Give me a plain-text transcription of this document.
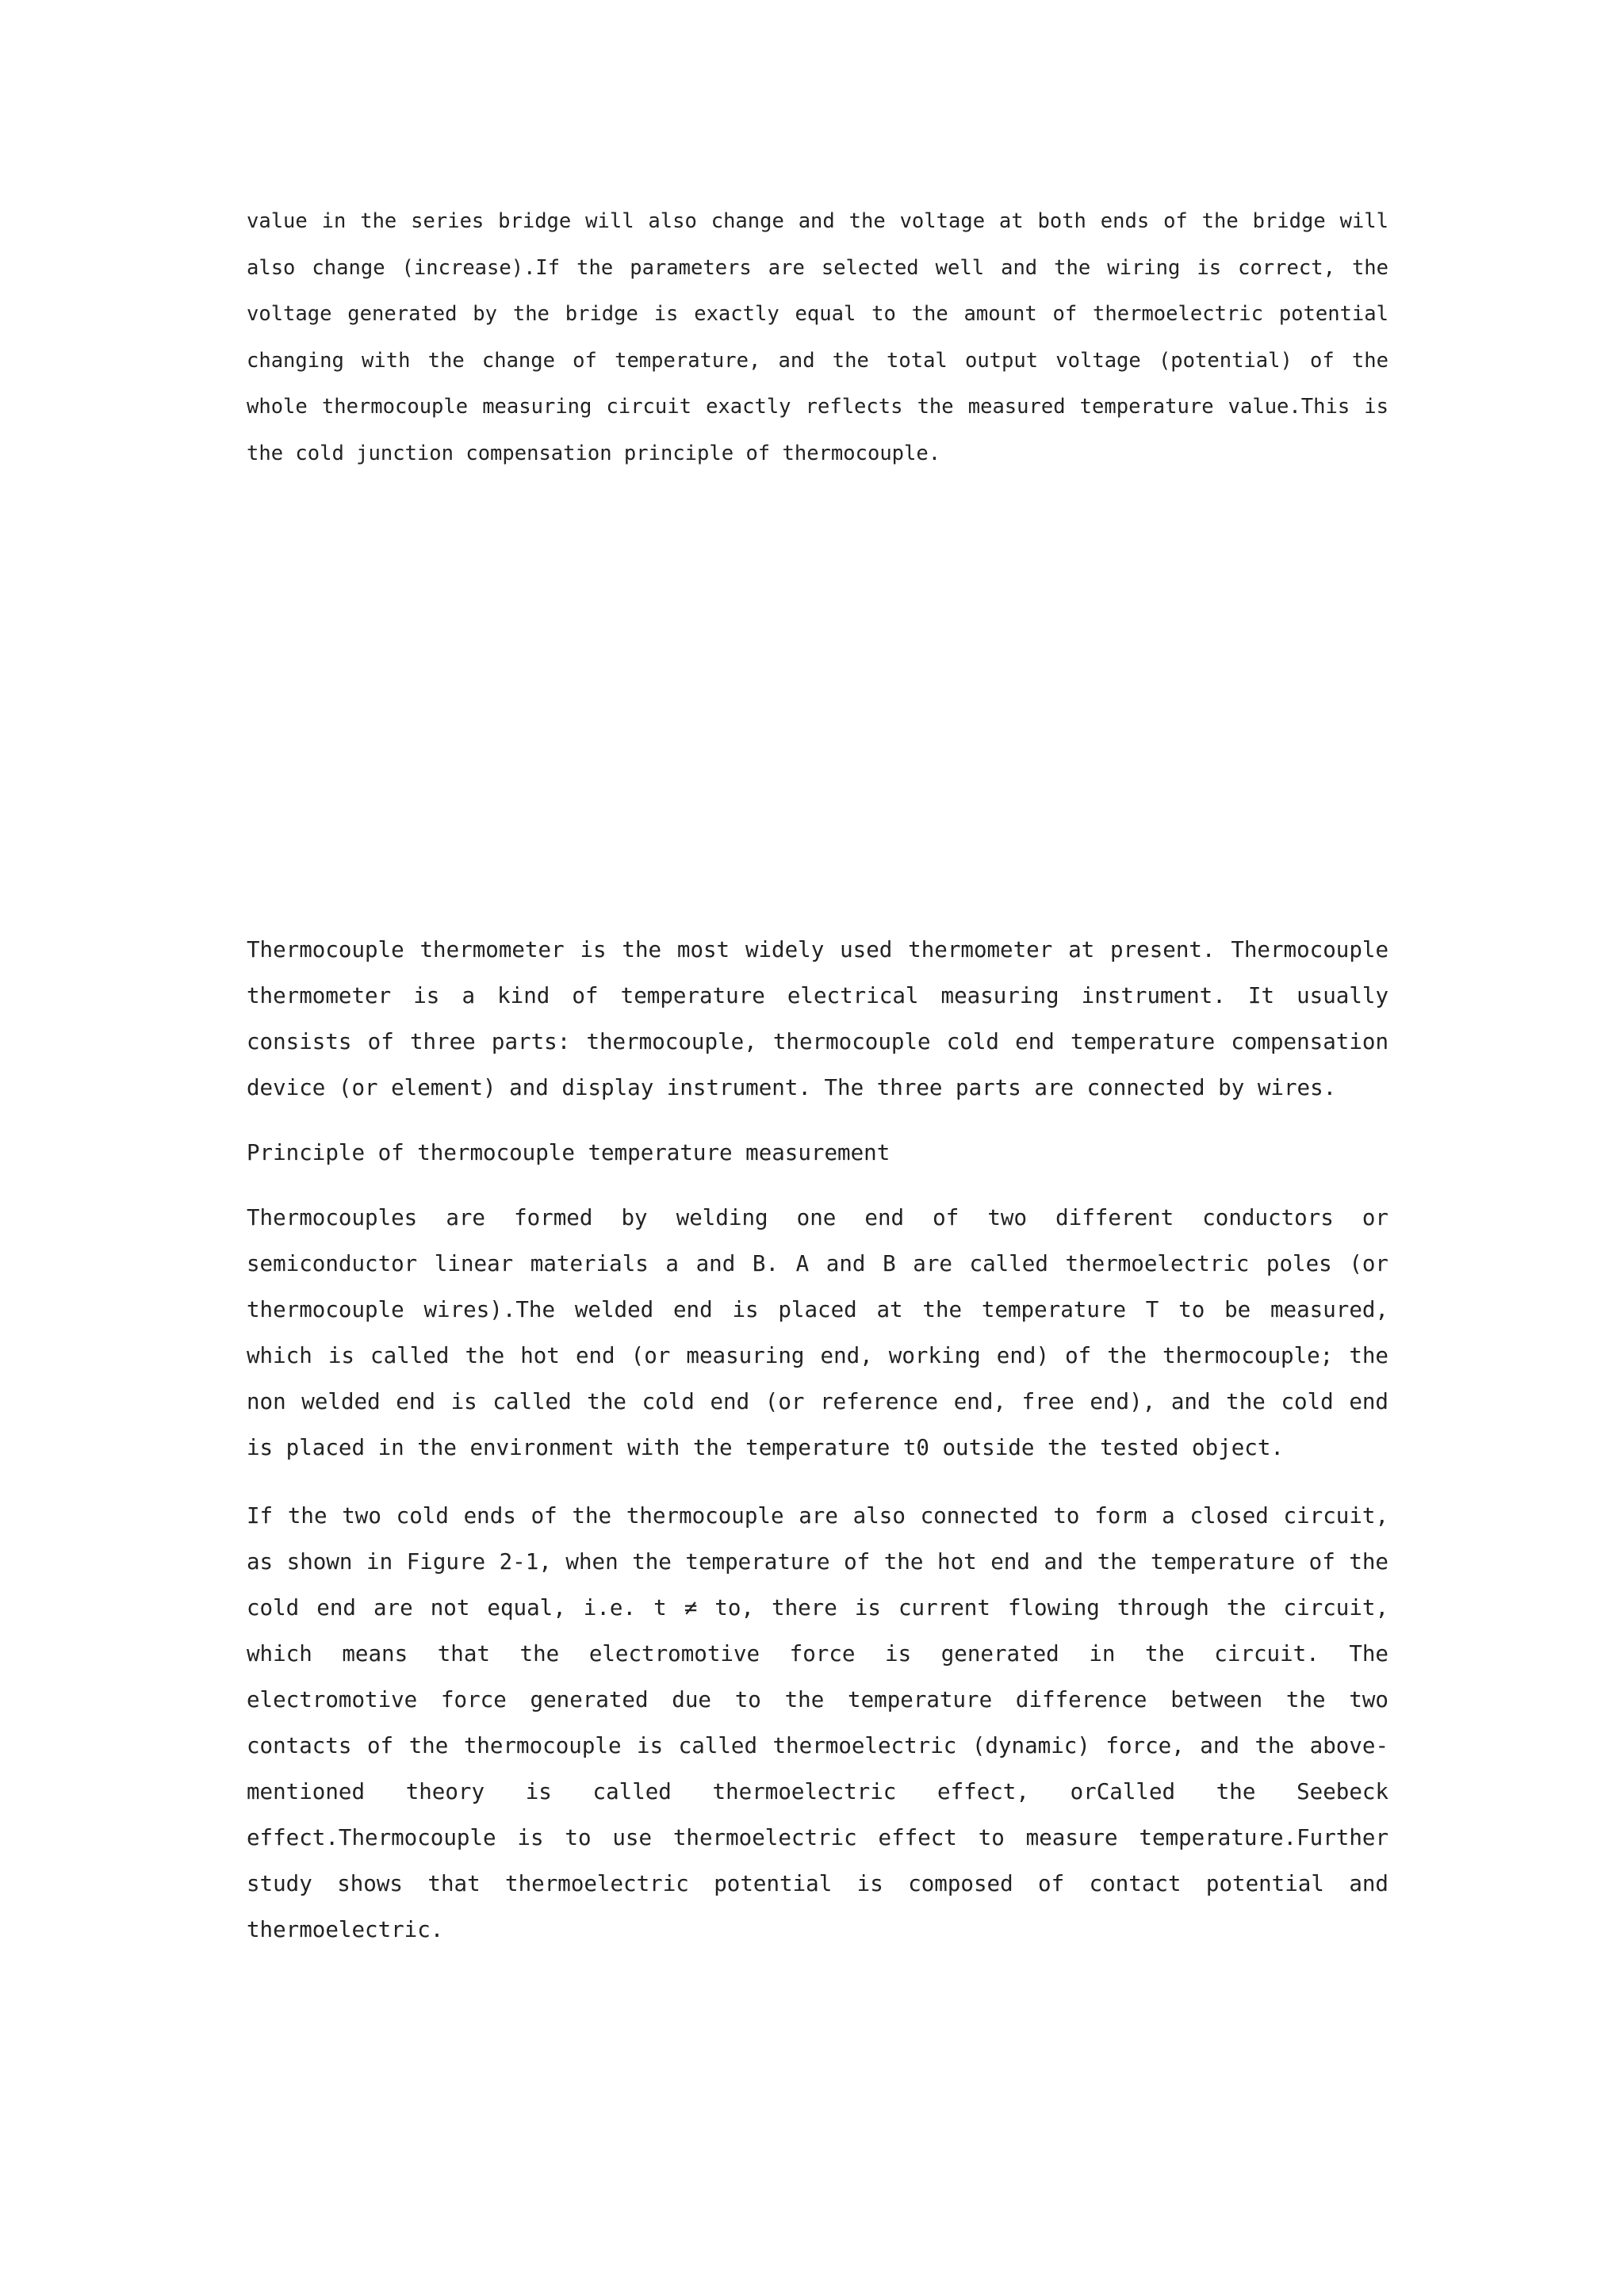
value in the series bridge will also change and the voltage at both ends of the bridge will also change (increase).If the parameters are selected well and the wiring is correct, the voltage generated by the bridge is exactly equal to the amount of thermoelectric potential changing with the change of temperature, and the total output voltage (potential) of the whole thermocouple measuring circuit exactly reflects the measured temperature value.This is the cold junction compensation principle of thermocouple.

Thermocouple thermometer is the most widely used thermometer at present. Thermocouple thermometer is a kind of temperature electrical measuring instrument. It usually consists of three parts: thermocouple, thermocouple cold end temperature compensation device (or element) and display instrument. The three parts are connected by wires.

Principle of thermocouple temperature measurement

Thermocouples are formed by welding one end of two different conductors or semiconductor linear materials a and B. A and B are called thermoelectric poles (or thermocouple wires).The welded end is placed at the temperature T to be measured, which is called the hot end (or measuring end, working end) of the thermocouple; the non welded end is called the cold end (or reference end, free end), and the cold end is placed in the environment with the temperature t0 outside the tested object.

If the two cold ends of the thermocouple are also connected to form a closed circuit, as shown in Figure 2-1, when the temperature of the hot end and the temperature of the cold end are not equal, i.e. t ≠ to, there is current flowing through the circuit, which means that the electromotive force is generated in the circuit. The electromotive force generated due to the temperature difference between the two contacts of the thermocouple is called thermoelectric (dynamic) force, and the above-mentioned theory is called thermoelectric effect, orCalled the Seebeck effect.Thermocouple is to use thermoelectric effect to measure temperature.Further study shows that thermoelectric potential is composed of contact potential and thermoelectric.
